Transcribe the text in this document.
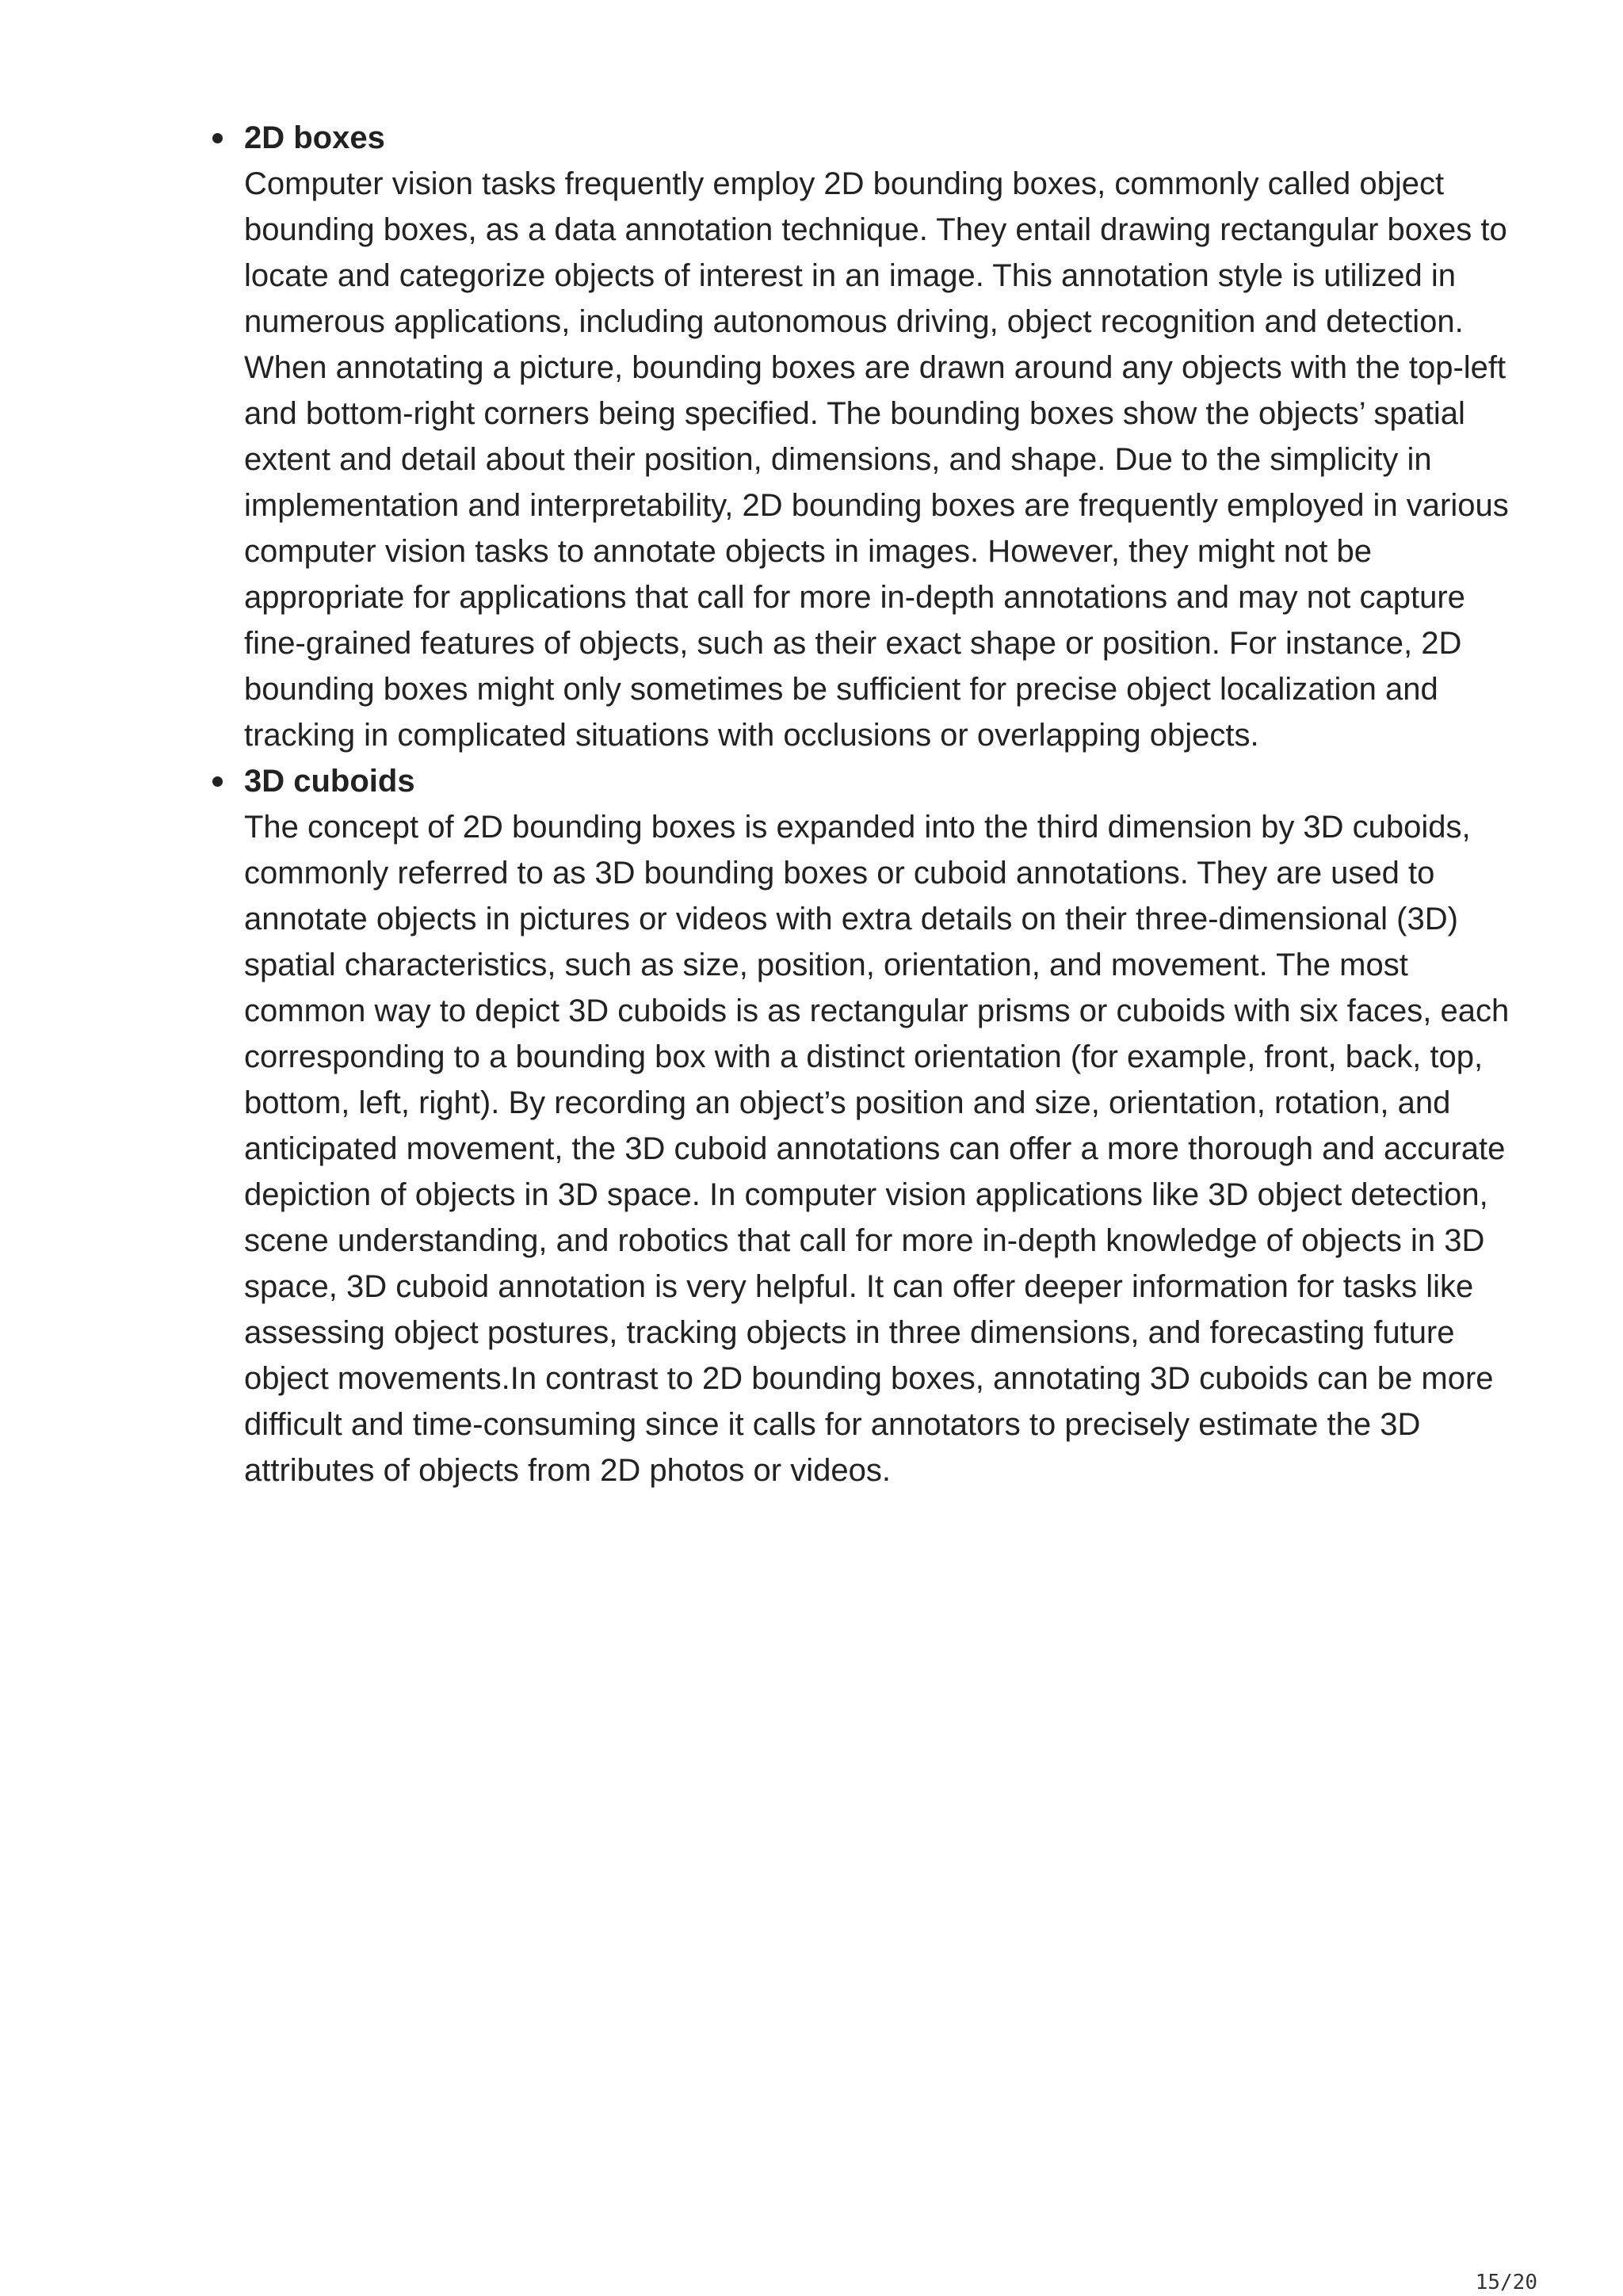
2D boxes
Computer vision tasks frequently employ 2D bounding boxes, commonly called object bounding boxes, as a data annotation technique. They entail drawing rectangular boxes to locate and categorize objects of interest in an image. This annotation style is utilized in numerous applications, including autonomous driving, object recognition and detection. When annotating a picture, bounding boxes are drawn around any objects with the top-left and bottom-right corners being specified. The bounding boxes show the objects’ spatial extent and detail about their position, dimensions, and shape. Due to the simplicity in implementation and interpretability, 2D bounding boxes are frequently employed in various computer vision tasks to annotate objects in images. However, they might not be appropriate for applications that call for more in-depth annotations and may not capture fine-grained features of objects, such as their exact shape or position. For instance, 2D bounding boxes might only sometimes be sufficient for precise object localization and tracking in complicated situations with occlusions or overlapping objects.
3D cuboids
The concept of 2D bounding boxes is expanded into the third dimension by 3D cuboids, commonly referred to as 3D bounding boxes or cuboid annotations. They are used to annotate objects in pictures or videos with extra details on their three-dimensional (3D) spatial characteristics, such as size, position, orientation, and movement. The most common way to depict 3D cuboids is as rectangular prisms or cuboids with six faces, each corresponding to a bounding box with a distinct orientation (for example, front, back, top, bottom, left, right). By recording an object’s position and size, orientation, rotation, and anticipated movement, the 3D cuboid annotations can offer a more thorough and accurate depiction of objects in 3D space. In computer vision applications like 3D object detection, scene understanding, and robotics that call for more in-depth knowledge of objects in 3D space, 3D cuboid annotation is very helpful. It can offer deeper information for tasks like assessing object postures, tracking objects in three dimensions, and forecasting future object movements.In contrast to 2D bounding boxes, annotating 3D cuboids can be more difficult and time-consuming since it calls for annotators to precisely estimate the 3D attributes of objects from 2D photos or videos.
15/20
